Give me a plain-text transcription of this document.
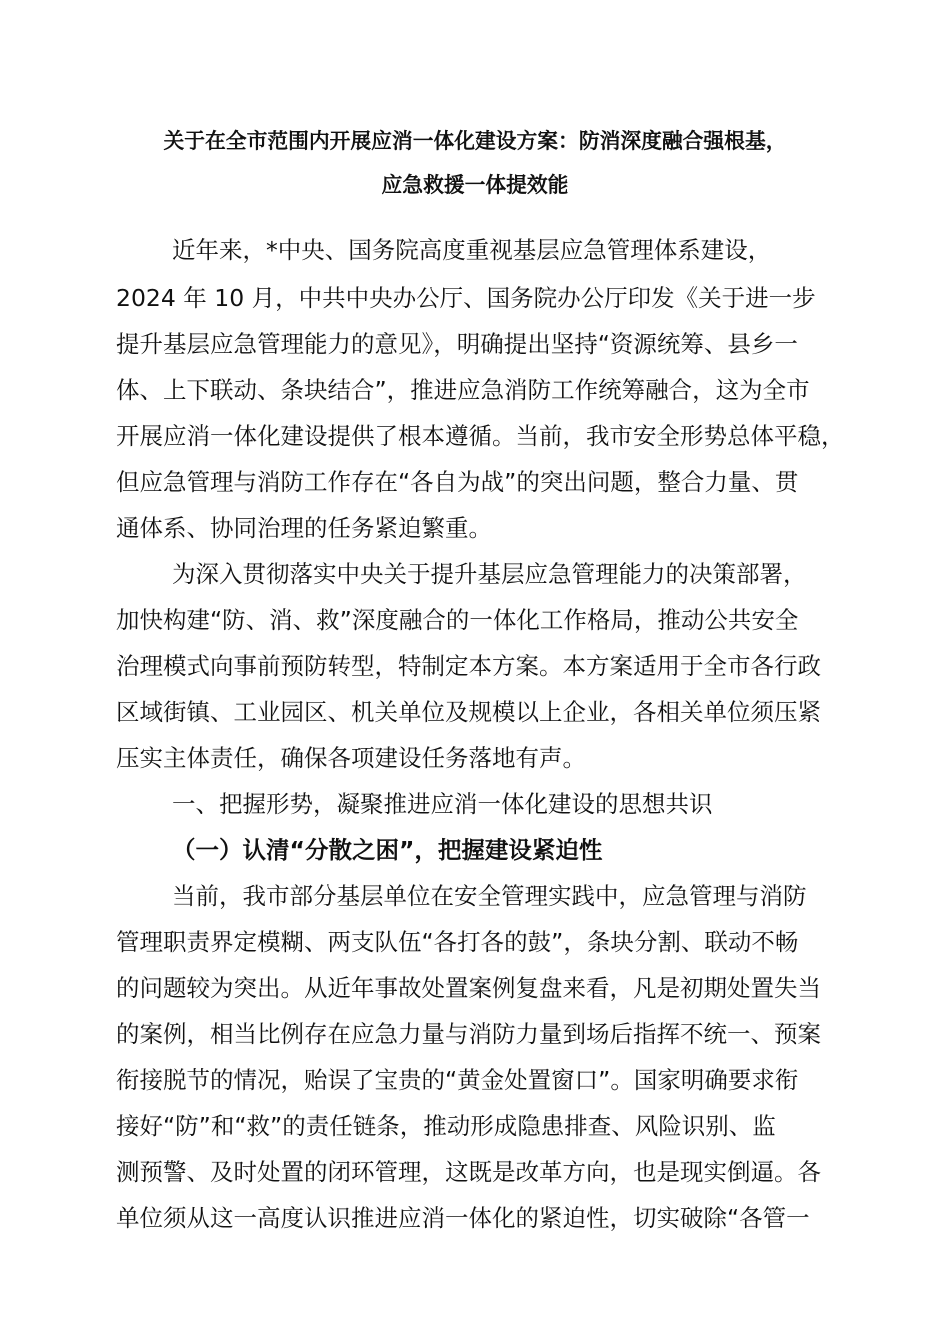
关于在全市范围内开展应消一体化建设方案：防消深度融合强根基，
应急救援一体提效能

近年来，*中央、国务院高度重视基层应急管理体系建设，

2024 年 10 月，中共中央办公厅、国务院办公厅印发《关于进一步

提升基层应急管理能力的意见》，明确提出坚持“资源统筹、县乡一

体、上下联动、条块结合”，推进应急消防工作统筹融合，这为全市

开展应消一体化建设提供了根本遵循。当前，我市安全形势总体平稳，

但应急管理与消防工作存在“各自为战”的突出问题，整合力量、贯

通体系、协同治理的任务紧迫繁重。

为深入贯彻落实中央关于提升基层应急管理能力的决策部署，

加快构建“防、消、救”深度融合的一体化工作格局，推动公共安全

治理模式向事前预防转型，特制定本方案。本方案适用于全市各行政

区域街镇、工业园区、机关单位及规模以上企业，各相关单位须压紧

压实主体责任，确保各项建设任务落地有声。

一、把握形势，凝聚推进应消一体化建设的思想共识

（一）认清“分散之困”，把握建设紧迫性

当前，我市部分基层单位在安全管理实践中，应急管理与消防

管理职责界定模糊、两支队伍“各打各的鼓”，条块分割、联动不畅

的问题较为突出。从近年事故处置案例复盘来看，凡是初期处置失当

的案例，相当比例存在应急力量与消防力量到场后指挥不统一、预案

衔接脱节的情况，贻误了宝贵的“黄金处置窗口”。国家明确要求衔

接好“防”和“救”的责任链条，推动形成隐患排查、风险识别、监

测预警、及时处置的闭环管理，这既是改革方向，也是现实倒逼。各

单位须从这一高度认识推进应消一体化的紧迫性，切实破除“各管一
